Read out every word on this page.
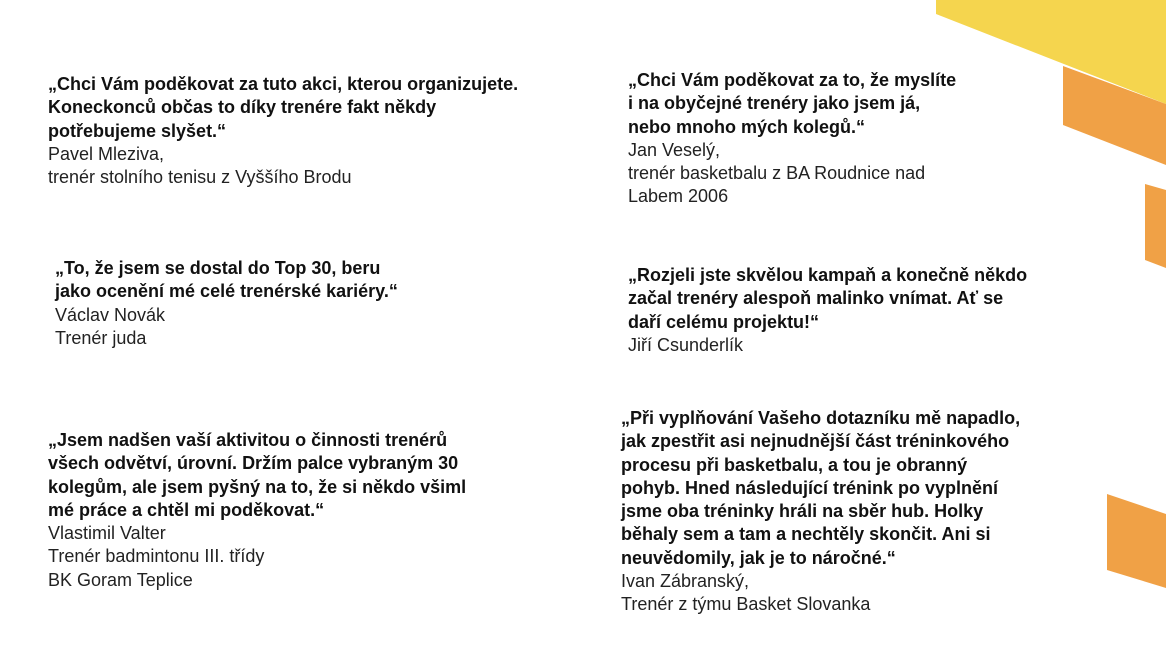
„Chci Vám poděkovat za tuto akci, kterou organizujete.
Koneckonců občas to díky trenére fakt někdy
potřebujeme slyšet.“
Pavel Mleziva,
trenér stolního tenisu z Vyššího Brodu
„Chci Vám poděkovat za to, že myslíte
i na obyčejné trenéry jako jsem já,
nebo mnoho mých kolegů.“
Jan Veselý,
trenér basketbalu z BA Roudnice nad
Labem 2006
„To, že jsem se dostal do Top 30, beru
jako ocenění mé celé trenérské kariéry.“
Václav Novák
Trenér juda
„Rozjeli jste skvělou kampaň a konečně někdo
začal trenéry alespoň malinko vnímat. Ať se
daří celému projektu!“
Jiří Csunderlík
„Jsem nadšen vaší aktivitou o činnosti trenérů
všech odvětví, úrovní. Držím palce vybraným 30
kolegům, ale jsem pyšný na to, že si někdo všiml
mé práce a chtěl mi poděkovat.“
Vlastimil Valter
Trenér badmintonu III. třídy
BK Goram Teplice
„Při vyplňování Vašeho dotazníku mě napadlo,
jak zpestřit asi nejnudnější část tréninkového
procesu při basketbalu, a tou je obranný
pohyb. Hned následující trénink po vyplnění
jsme oba tréninky hráli na sběr hub. Holky
běhaly sem a tam a nechtěly skončit. Ani si
neuvědomily, jak je to náročné.“
Ivan Zábranský,
Trenér z týmu Basket Slovanka
